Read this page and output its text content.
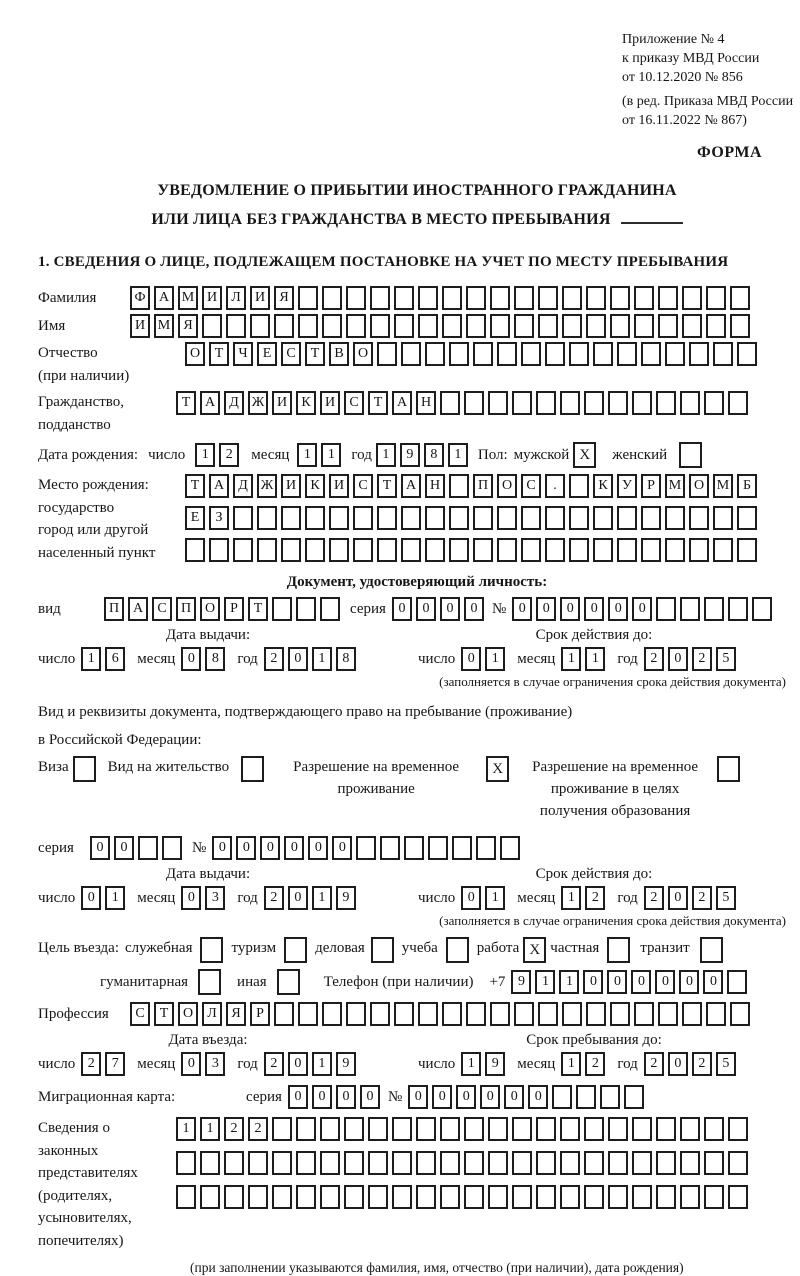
Приложение № 4
к приказу МВД России
от 10.12.2020 № 856
(в ред. Приказа МВД России
от 16.11.2022 № 867)
ФОРМА
УВЕДОМЛЕНИЕ О ПРИБЫТИИ ИНОСТРАННОГО ГРАЖДАНИНА
ИЛИ ЛИЦА БЕЗ ГРАЖДАНСТВА В МЕСТО ПРЕБЫВАНИЯ
1. СВЕДЕНИЯ О ЛИЦЕ, ПОДЛЕЖАЩЕМ ПОСТАНОВКЕ НА УЧЕТ ПО МЕСТУ ПРЕБЫВАНИЯ
Фамилия	Ф А М И	Л	И	Я
Имя	И М Я
Отчество
(при наличии)
О	Т	Ч	Е	С	Т	В	О
Гражданство,
подданство
Т	А	Д Ж И	К	И	С	Т	А Н
Дата рождения: число	1	2	месяц	1	1	год 1	9	8	1	Пол: мужской X	женский
Место рождения:
государство
город или другой
населенный пункт
Т	А	Д Ж И	К	И	С	Т	А Н	П О	С	.	К	У	Р М О М Б

Е	З

Документ, удостоверяющий личность:
вид	П А	С	П О	Р	Т	серия 0	0	0	0 № 0	0	0	0	0	0
Дата выдачи:
число 1	6	месяц 0	8	год 2	0	1	8
Срок действия до:
число 0	1	месяц 1	1	год 2	0	2	5
(заполняется в случае ограничения срока действия документа)
Вид и реквизиты документа, подтверждающего право на пребывание (проживание)
в Российской Федерации:
Виза	Вид на жительство	Разрешение на временное проживание
X	Разрешение на временное проживание в целях получения образования
серия	0	0	№ 0	0	0	0	0	0
Дата выдачи:
число 0	1	месяц 0	3	год 2	0	1	9
Срок действия до:
число 0	1	месяц 1	2	год 2	0	2	5
(заполняется в случае ограничения срока действия документа)
Цель въезда: служебная	туризм	деловая учеба	работа X частная	транзит
гуманитарная	иная	Телефон (при наличии) +7 9	1	1	0	0	0	0	0	0
Профессия	С	Т	О	Л	Я	Р
Дата въезда:
число 2	7	месяц 0	3	год 2	0	1	9
Срок пребывания до:
число 1	9	месяц 1	2	год 2	0	2	5
Миграционная карта:	серия 0	0	0	0 № 0	0	0	0	0	0
Сведения о
законных
представителях
(родителях,
усыновителях,
попечителях)
1	1	2	2

(при заполнении указываются фамилия, имя, отчество (при наличии), дата рождения)
